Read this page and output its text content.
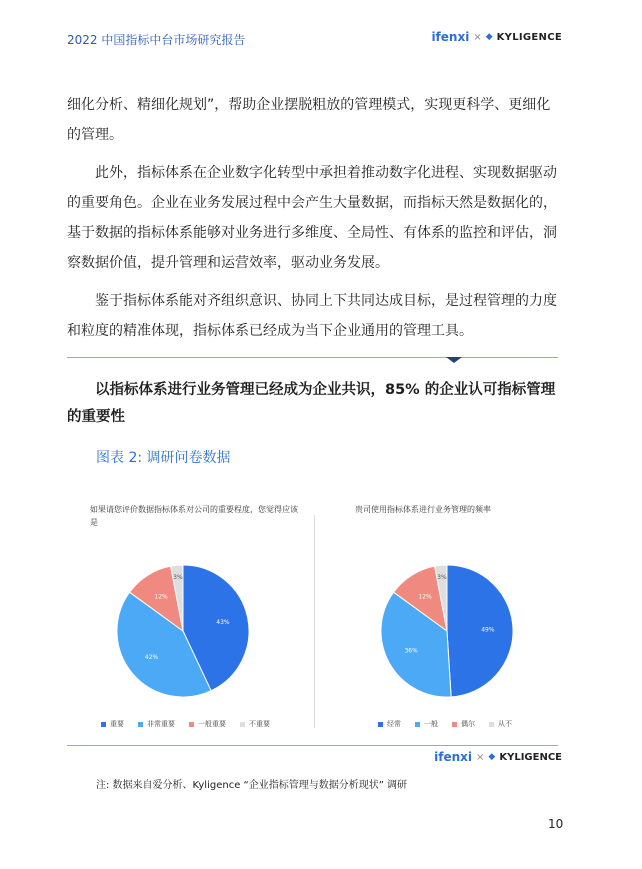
2022 中国指标中台市场研究报告	ifenxi × ◆ KYLIGENCE

细化分析、精细化规划”，帮助企业摆脱粗放的管理模式，实现更科学、更细化的管理。

此外，指标体系在企业数字化转型中承担着推动数字化进程、实现数据驱动的重要角色。企业在业务发展过程中会产生大量数据，而指标天然是数据化的，基于数据的指标体系能够对业务进行多维度、全局性、有体系的监控和评估，洞察数据价值，提升管理和运营效率，驱动业务发展。

鉴于指标体系能对齐组织意识、协同上下共同达成目标，是过程管理的力度和粒度的精准体现，指标体系已经成为当下企业通用的管理工具。

以指标体系进行业务管理已经成为企业共识，85% 的企业认可指标管理的重要性

图表 2: 调研问卷数据
如果请您评价数据指标体系对公司的重要程度，您觉得应该是
43%
42%
12%
3%
贵司使用指标体系进行业务管理的频率
49%
36%
12%
3%
重要	非常重要	一般重要	不重要	经常	一般	偶尔	从不
ifenxi × ◆ KYLIGENCE
注: 数据来自爱分析、Kyligence “企业指标管理与数据分析现状” 调研
10
